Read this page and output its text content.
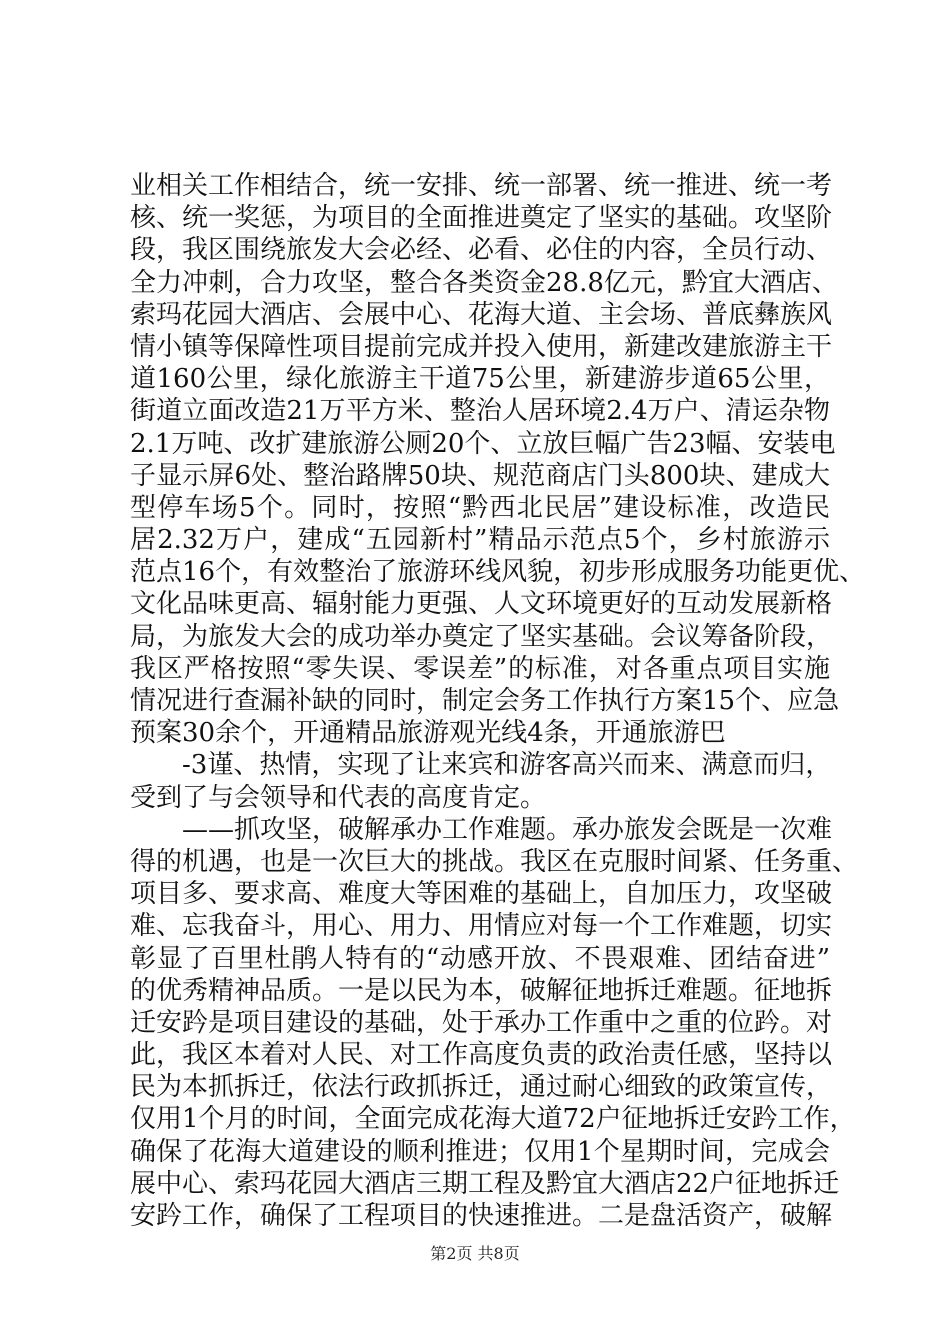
业相关工作相结合，统一安排、统一部署、统一推进、统一考
核、统一奖惩，为项目的全面推进奠定了坚实的基础。攻坚阶
段，我区围绕旅发大会必经、必看、必住的内容，全员行动、
全力冲刺，合力攻坚，整合各类资金28.8亿元，黔宜大酒店、
索玛花园大酒店、会展中心、花海大道、主会场、普底彝族风
情小镇等保障性项目提前完成并投入使用，新建改建旅游主干
道160公里，绿化旅游主干道75公里，新建游步道65公里，
街道立面改造21万平方米、整治人居环境2.4万户、清运杂物
2.1万吨、改扩建旅游公厕20个、立放巨幅广告23幅、安装电
子显示屏6处、整治路牌50块、规范商店门头800块、建成大
型停车场5个。同时，按照“黔西北民居”建设标准，改造民
居2.32万户，建成“五园新村”精品示范点5个，乡村旅游示
范点16个，有效整治了旅游环线风貌，初步形成服务功能更优、
文化品味更高、辐射能力更强、人文环境更好的互动发展新格
局，为旅发大会的成功举办奠定了坚实基础。会议筹备阶段，
我区严格按照“零失误、零误差”的标准，对各重点项目实施
情况进行查漏补缺的同时，制定会务工作执行方案15个、应急
预案30余个，开通精品旅游观光线4条，开通旅游巴
-3谨、热情，实现了让来宾和游客高兴而来、满意而归，
受到了与会领导和代表的高度肯定。
——抓攻坚，破解承办工作难题。承办旅发会既是一次难
得的机遇，也是一次巨大的挑战。我区在克服时间紧、任务重、
项目多、要求高、难度大等困难的基础上，自加压力，攻坚破
难、忘我奋斗，用心、用力、用情应对每一个工作难题，切实
彰显了百里杜鹃人特有的“动感开放、不畏艰难、团结奋进”
的优秀精神品质。一是以民为本，破解征地拆迁难题。征地拆
迁安趻是项目建设的基础，处于承办工作重中之重的位趻。对
此，我区本着对人民、对工作高度负责的政治责任感，坚持以
民为本抓拆迁，依法行政抓拆迁，通过耐心细致的政策宣传，
仅用1个月的时间，全面完成花海大道72户征地拆迁安趻工作，
确保了花海大道建设的顺利推进；仅用1个星期时间，完成会
展中心、索玛花园大酒店三期工程及黔宜大酒店22户征地拆迁
安趻工作，确保了工程项目的快速推进。二是盘活资产，破解
第2页 共8页
